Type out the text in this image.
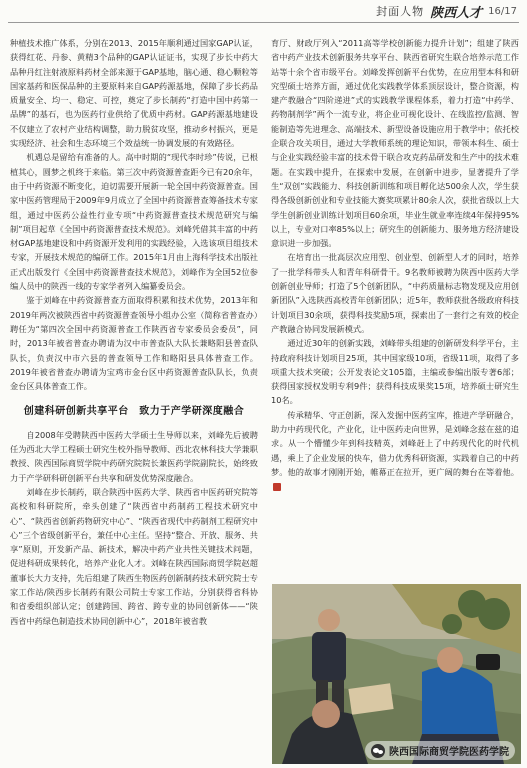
封面人物 陕西人才 16/17

种植技术推广体系，分别在2013、2015年顺利通过国家GAP认证，获得红花、丹参、黄精3个品种的GAP认证证书，实现了步长中药大品种丹红注射液原料药材全部来源于GAP基地，脑心通、稳心颗粒等国家基药和医保品种的主要原料来自GAP药源基地，保障了步长药品质量安全、均一、稳定、可控，奠定了步长制药“打造中国中药第一品牌”的基石，也为医药行业供给了优质中药材。GAP药源基地建设不仅建立了农村产业结构调整，助力脱贫攻坚，推动乡村振兴，更是实现经济、社会和生态环境三个效益统一协调发展的有效路径。

机遇总是留给有准备的人。高中时期的“现代李时珍”传说，已根植其心，圆梦之机终于来临。第三次中药资源普查距今已有20余年，由于中药资源不断变化，迫切需要开展新一轮全国中药资源普查。国家中医药管理局于2009年9月成立了全国中药资源普查筹备技术专家组，通过中医药公益性行业专项“中药资源普查技术规范研究与编制”项目起草《全国中药资源普查技术规范》。刘峰凭借其丰富的中药材GAP基地建设和中药资源开发利用的实践经验，入选该项目组技术专家，开展技术规范的编研工作。2015年1月由上海科学技术出版社正式出版发行《全国中药资源普查技术规范》，刘峰作为全国52位参编人员中的陕西一线的专家学者列入编纂委员会。

鉴于刘峰在中药资源普查方面取得积累和技术优势，2013年和2019年两次被陕西省中药资源普查领导小组办公室（简称省普查办）聘任为“第四次全国中药资源普查工作陕西省专家委员会委员”，同时，2013年被省普查办聘请为汉中市普查队大队长兼略阳县普查队队长，负责汉中市六县的普查领导工作和略阳县具体普查工作。2019年被省普查办聘请为宝鸡市金台区中药资源普查队队长，负责金台区具体普查工作。

创建科研创新共享平台　致力于产学研深度融合

自2008年受聘陕西中医药大学硕士生导师以来，刘峰先后被聘任为西北大学工程硕士研究生校外指导教师、西北农林科技大学兼职教授、陕西国际商贸学院中药研究院院长兼医药学院副院长，始终致力于产学研科研创新平台共享和研发优势深度融合。

刘峰在步长制药，联合陕西中医药大学、陕西省中医药研究院等高校和科研院所，牵头创建了“陕西省中药制药工程技术研究中心”、“陕西省创新药物研究中心”、“陕西省现代中药制剂工程研究中心”三个省级创新平台，兼任中心主任。坚持“整合、开放、服务、共享”原则，开发新产品、新技术，解决中药产业共性关键技术问题，促进科研成果转化，培养产业化人才。刘峰在陕西国际商贸学院赵超董事长大力支持，先后组建了陕西生物医药创新制药技术研究院士专家工作站/陕西步长制药有限公司院士专家工作站，分别获得省科协和省委组织部认定；创建跨国、跨省、跨专业的协同创新体——“陕西省中药绿色制造技术协同创新中心”，2018年被省教

育厅、财政厅列入“2011高等学校创新能力提升计划”；组建了陕西省中药产业技术创新服务共享平台、陕西省研究生联合培养示范工作站等十余个省市级平台。刘峰发挥创新平台优势，在应用型本科和研究型硕士培养方面，通过优化实践教学体系顶层设计，整合资源，构建产教融合“四阶递进”式的实践教学课程体系，着力打造“中药学、药物制剂学”两个一流专业，将企业可视化设计、在线监控/监测、智能制造等先进理念、高端技术、新型设备设施应用于教学中；依托校企联合攻关项目，通过大学教师系统的理论知识，带领本科生、硕士与企业实践经验丰富的技术骨干联合攻克药品研发和生产中的技术难题。在实践中提升，在探索中发展，在创新中进步，显著提升了学生“双创”实践能力、科技创新训练和项目孵化达500余人次，学生获得各级创新创业和专业技能大赛奖项累计80余人次，获批省级以上大学生创新创业训练计划项目60余项，毕业生就业率连续4年保持95%以上，专业对口率85%以上；研究生的创新能力、服务地方经济建设意识进一步加强。

在培育出一批高层次应用型、创业型、创新型人才的同时，培养了一批学科带头人和青年科研骨干。9名教师被聘为陕西中医药大学创新创业导师；打造了5个创新团队，“中药质量标志物发现及应用创新团队”入选陕西高校青年创新团队；近5年，教师获批各级政府科技计划项目30余项，获得科技奖励5项，探索出了一套行之有效的校企产教融合协同发展新模式。

通过近30年的创新实践，刘峰带头组建的创新研发科学平台，主持政府科技计划项目25项，其中国家级10项，省级11项，取得了多项重大技术突破；公开发表论文105篇，主编或参编出版专著6部；获得国家授权发明专利9件；获得科技成果奖15项，培养硕士研究生10名。

传承精华、守正创新，深入发掘中医药宝库，推进产学研融合，助力中药现代化，产业化，让中医药走向世界，是刘峰念兹在兹的追求。从一个懵懂少年到科技精英，刘峰赶上了中药现代化的时代机遇，乘上了企业发展的快车，借力优秀科研资源，实践着自己的中药梦。他的故事才刚刚开始，帷幕正在拉开，更广阔的舞台在等着他。

陕西国际商贸学院医药学院
